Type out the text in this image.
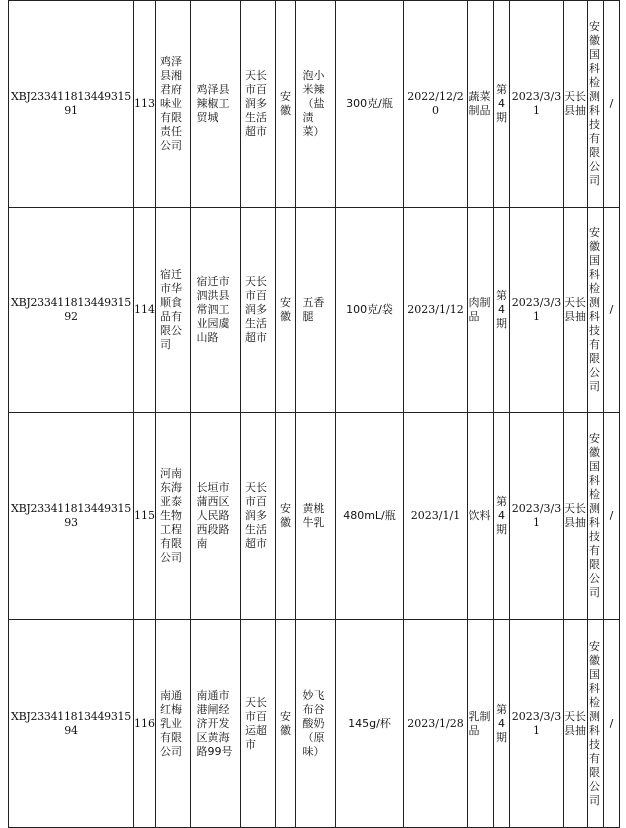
XBJ23341181344931591	113	鸡泽县湘君府味业有限责任公司	鸡泽县辣椒工贸城	天长市百润多生活超市	安徽	泡小米辣（盐渍菜）	300克/瓶	2022/12/20	蔬菜制品	第4期	2023/3/31	天长县抽	安徽国科检测科技有限公司	/
XBJ23341181344931592	114	宿迁市华顺食品有限公司	宿迁市泗洪县常泗工业园虞山路	天长市百润多生活超市	安徽	五香腿	100克/袋	2023/1/12	肉制品	第4期	2023/3/31	天长县抽	安徽国科检测科技有限公司	/
XBJ23341181344931593	115	河南东海亚泰生物工程有限公司	长垣市蒲西区人民路西段路南	天长市百润多生活超市	安徽	黄桃牛乳	480mL/瓶	2023/1/1	饮料	第4期	2023/3/31	天长县抽	安徽国科检测科技有限公司	/
XBJ23341181344931594	116	南通红梅乳业有限公司	南通市港闸经济开发区黄海路99号	天长市百运超市	安徽	妙飞布谷酸奶（原味）	145g/杯	2023/1/28	乳制品	第4期	2023/3/31	天长县抽	安徽国科检测科技有限公司	/
